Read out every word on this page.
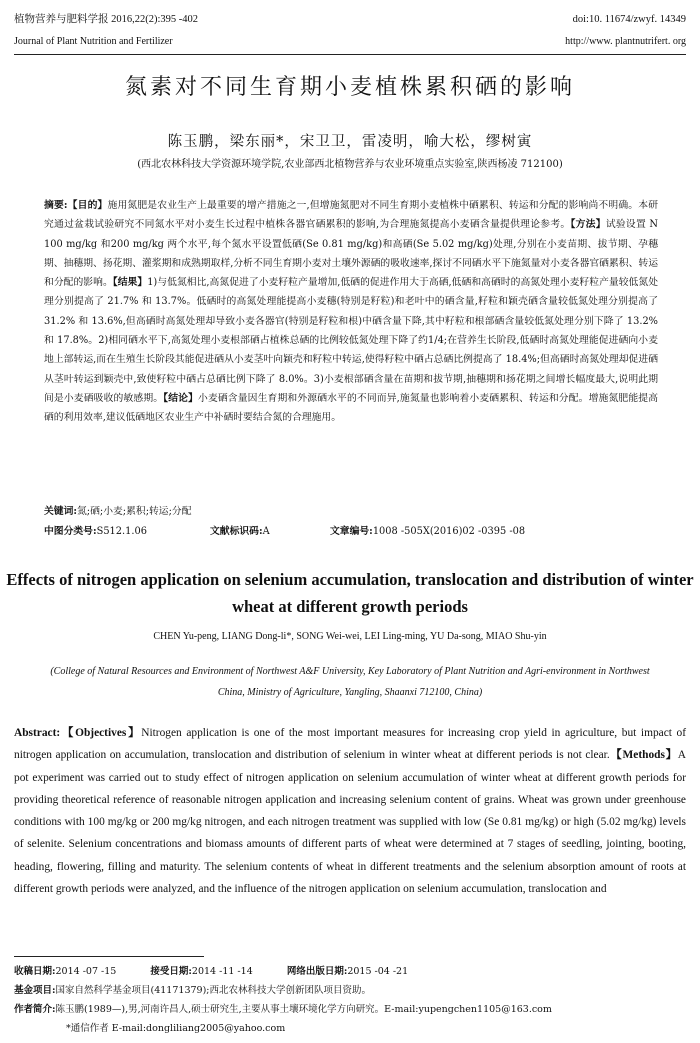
植物营养与肥料学报 2016,22(2):395 -402	doi:10. 11674/zwyf. 14349
Journal of Plant Nutrition and Fertilizer	http://www. plantnutrifert. org
氮素对不同生育期小麦植株累积硒的影响
陈玉鹏，梁东丽*，宋卫卫，雷凌明，喻大松，缪树寅
(西北农林科技大学资源环境学院,农业部西北植物营养与农业环境重点实验室,陕西杨凌 712100)
摘要:【目的】施用氮肥是农业生产上最重要的增产措施之一,但增施氮肥对不同生育期小麦植株中硒累积、转运和分配的影响尚不明确。本研究通过盆栽试验研究不同氮水平对小麦生长过程中植株各器官硒累积的影响,为合理施氮提高小麦硒含量提供理论参考。【方法】试验设置 N 100 mg/kg 和200 mg/kg 两个水平,每个氮水平设置低硒(Se 0.81 mg/kg)和高硒(Se 5.02 mg/kg)处理,分别在小麦苗期、拔节期、孕穗期、抽穗期、扬花期、灌浆期和成熟期取样,分析不同生育期小麦对土壤外源硒的吸收速率,探讨不同硒水平下施氮量对小麦各器官硒累积、转运和分配的影响。【结果】1)与低氮相比,高氮促进了小麦籽粒产量增加,低硒的促进作用大于高硒,低硒和高硒时的高氮处理小麦籽粒产量较低氮处理分别提高了 21.7% 和 13.7%。低硒时的高氮处理能提高小麦穗(特别是籽粒)和老叶中的硒含量,籽粒和颖壳硒含量较低氮处理分别提高了 31.2% 和 13.6%,但高硒时高氮处理却导致小麦各器官(特别是籽粒和根)中硒含量下降,其中籽粒和根部硒含量较低氮处理分别下降了 13.2% 和 17.8%。2)相同硒水平下,高氮处理小麦根部硒占植株总硒的比例较低氮处理下降了约1/4;在营养生长阶段,低硒时高氮处理能促进硒向小麦地上部转运,而在生殖生长阶段其能促进硒从小麦茎叶向颖壳和籽粒中转运,使得籽粒中硒占总硒比例提高了 18.4%;但高硒时高氮处理却促进硒从茎叶转运到颖壳中,致使籽粒中硒占总硒比例下降了 8.0%。3)小麦根部硒含量在苗期和拔节期,抽穗期和扬花期之间增长幅度最大,说明此期间是小麦硒吸收的敏感期。【结论】小麦硒含量因生育期和外源硒水平的不同而异,施氮量也影响着小麦硒累积、转运和分配。增施氮肥能提高硒的利用效率,建议低硒地区农业生产中补硒时要结合氮的合理施用。
关键词:氮;硒;小麦;累积;转运;分配
中图分类号:S512.1.06	文献标识码:A	文章编号:1008 -505X(2016)02 -0395 -08
Effects of nitrogen application on selenium accumulation, translocation and distribution of winter wheat at different growth periods
CHEN Yu-peng, LIANG Dong-li*, SONG Wei-wei, LEI Ling-ming, YU Da-song, MIAO Shu-yin
(College of Natural Resources and Environment of Northwest A&F University, Key Laboratory of Plant Nutrition and Agri-environment in Northwest China, Ministry of Agriculture, Yangling, Shaanxi 712100, China)
Abstract:【Objectives】Nitrogen application is one of the most important measures for increasing crop yield in agriculture, but impact of nitrogen application on accumulation, translocation and distribution of selenium in winter wheat at different periods is not clear.【Methods】A pot experiment was carried out to study effect of nitrogen application on selenium accumulation of winter wheat at different growth periods for providing theoretical reference of reasonable nitrogen application and increasing selenium content of grains. Wheat was grown under greenhouse conditions with 100 mg/kg or 200 mg/kg nitrogen, and each nitrogen treatment was supplied with low (Se 0.81 mg/kg) or high (5.02 mg/kg) levels of selenite. Selenium concentrations and biomass amounts of different parts of wheat were determined at 7 stages of seedling, jointing, booting, heading, flowering, filling and maturity. The selenium contents of wheat in different treatments and the selenium absorption amount of roots at different growth periods were analyzed, and the influence of the nitrogen application on selenium accumulation, translocation and
收稿日期:2014 -07 -15	接受日期:2014 -11 -14	网络出版日期:2015 -04 -21
基金项目:国家自然科学基金项目(41171379);西北农林科技大学创新团队项目资助。
作者简介:陈玉鹏(1989—),男,河南许昌人,硕士研究生,主要从事土壤环境化学方向研究。E-mail:yupengchen1105@163.com
*通信作者 E-mail:dongliliang2005@yahoo.com
